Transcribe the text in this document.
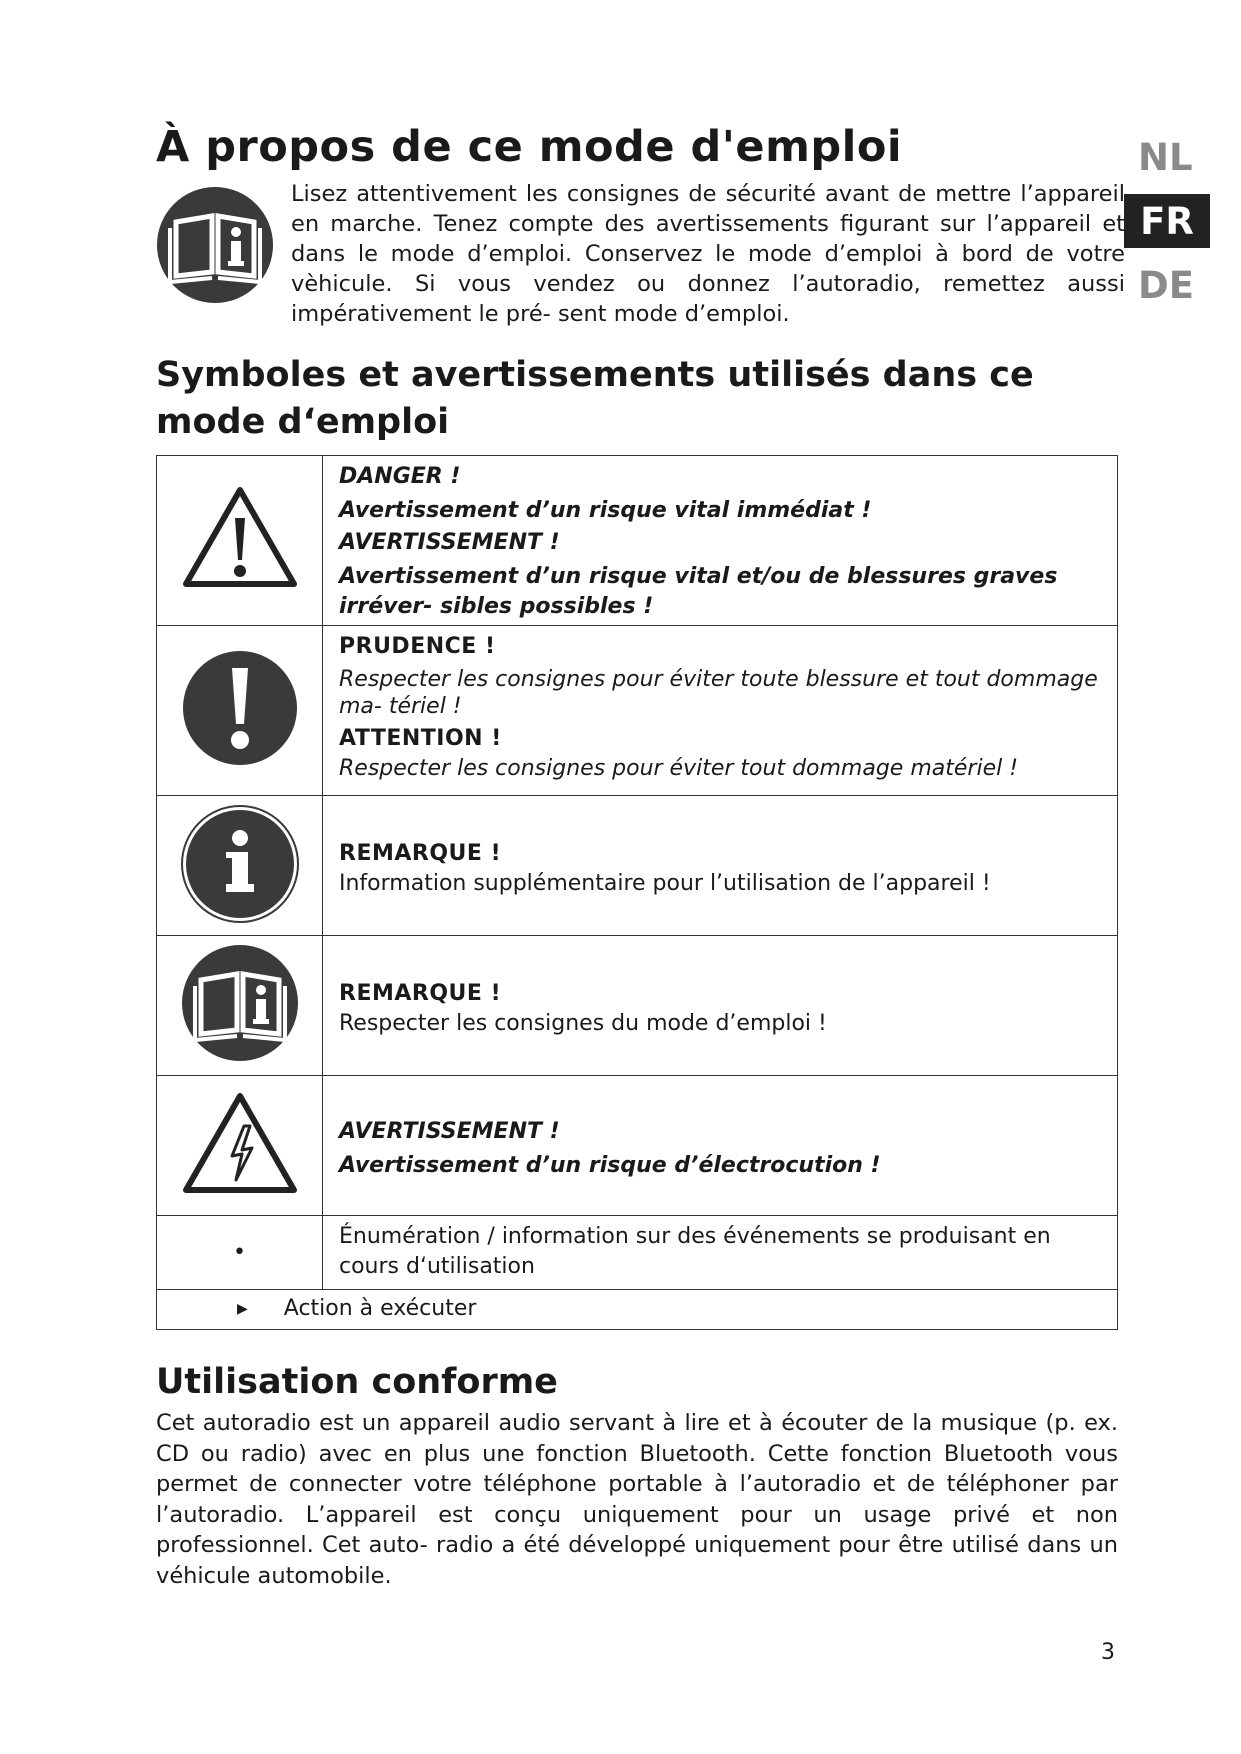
À propos de ce mode d'emploi	NL
FR
DE
Lisez attentivement les consignes de sécurité avant de mettre l’appareil en marche. Tenez compte des avertissements figurant sur l’appareil et dans le mode d’emploi. Conservez le mode d’emploi à bord de votre vèhicule. Si vous vendez ou donnez l’autoradio, remettez aussi impérativement le pré- sent mode d’emploi.
Symboles et avertissements utilisés dans ce mode d‘emploi

DANGER !
Avertissement d’un risque vital immédiat !
AVERTISSEMENT !
Avertissement d’un risque vital et/ou de blessures graves irréver- sibles possibles !

PRUDENCE !
Respecter les consignes pour éviter toute blessure et tout dommage ma- tériel !
ATTENTION !
Respecter les consignes pour éviter tout dommage matériel !

REMARQUE !
Information supplémentaire pour l’utilisation de l’appareil !

REMARQUE !
Respecter les consignes du mode d’emploi !

AVERTISSEMENT !
Avertissement d’un risque d’électrocution !

•	Énumération / information sur des événements se produisant en cours d‘utilisation
▶ Action à exécuter	
Utilisation conforme
Cet autoradio est un appareil audio servant à lire et à écouter de la musique (p. ex. CD ou radio) avec en plus une fonction Bluetooth. Cette fonction Bluetooth vous permet de connecter votre téléphone portable à l’autoradio et de téléphoner par l’autoradio. L’appareil est conçu uniquement pour un usage privé et non professionnel. Cet auto- radio a été développé uniquement pour être utilisé dans un véhicule automobile.
3
